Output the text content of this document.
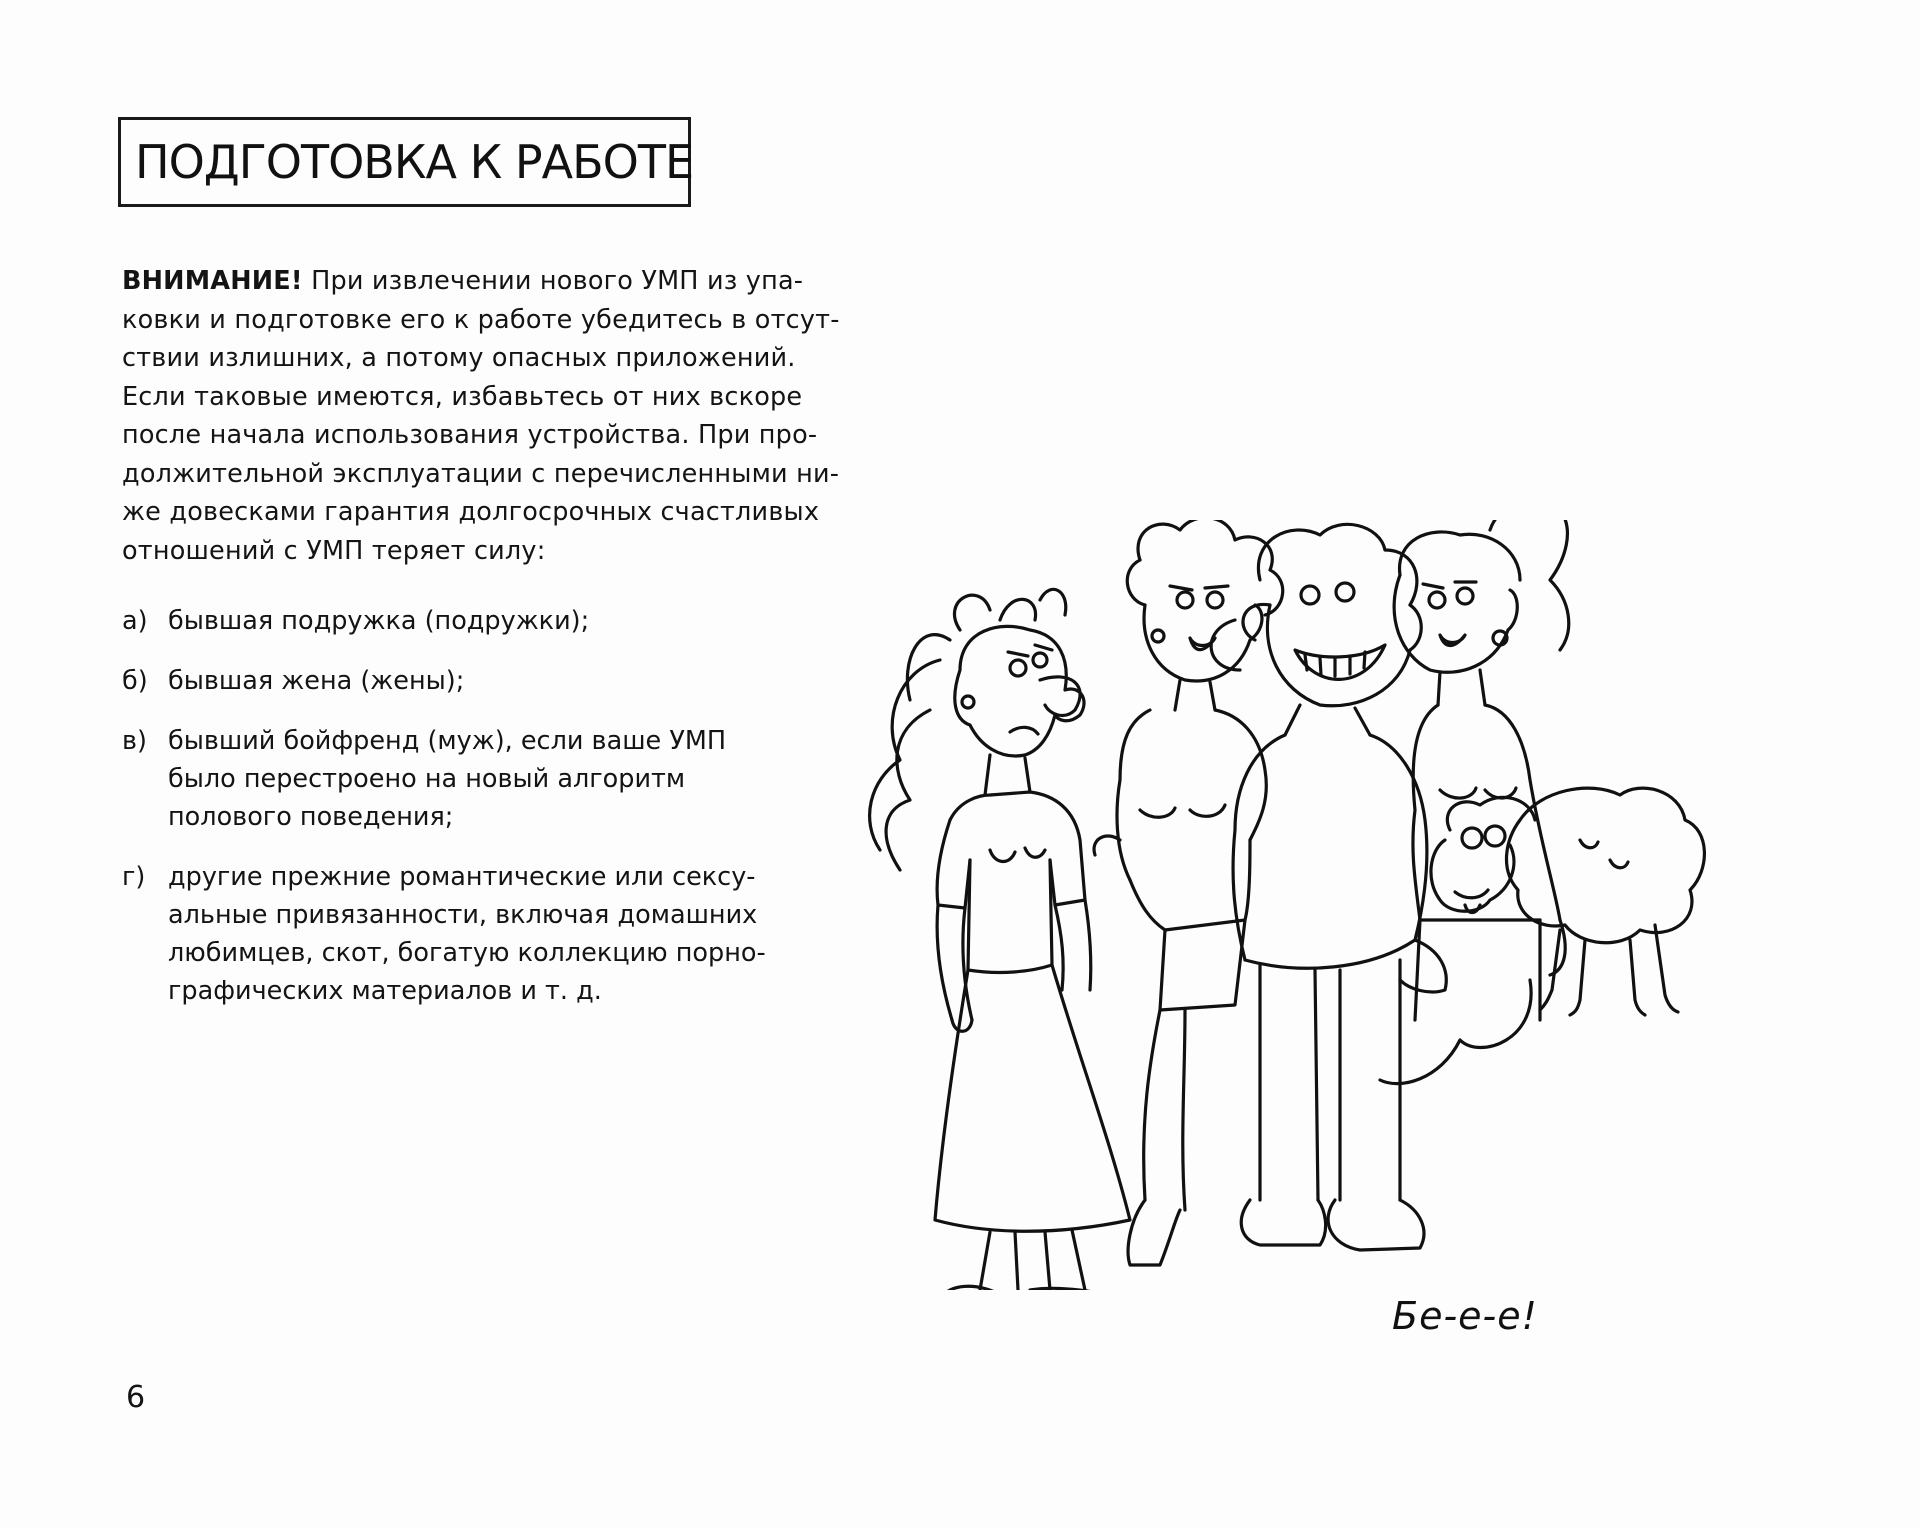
ПОДГОТОВКА К РАБОТЕ
ВНИМАНИЕ! При извлечении нового УМП из упа-
ковки и подготовке его к работе убедитесь в отсут-
ствии излишних, а потому опасных приложений.
Если таковые имеются, избавьтесь от них вскоре
после начала использования устройства. При про-
должительной эксплуатации с перечисленными ни-
же довесками гарантия долгосрочных счастливых
отношений с УМП теряет силу:
а) бывшая подружка (подружки);
б) бывшая жена (жены);
в) бывший бойфренд (муж), если ваше УМП
было перестроено на новый алгоритм
полового поведения;
г) другие прежние романтические или сексу-
альные привязанности, включая домашних
любимцев, скот, богатую коллекцию порно-
графических материалов и т. д.
Бе-е-е!
6
